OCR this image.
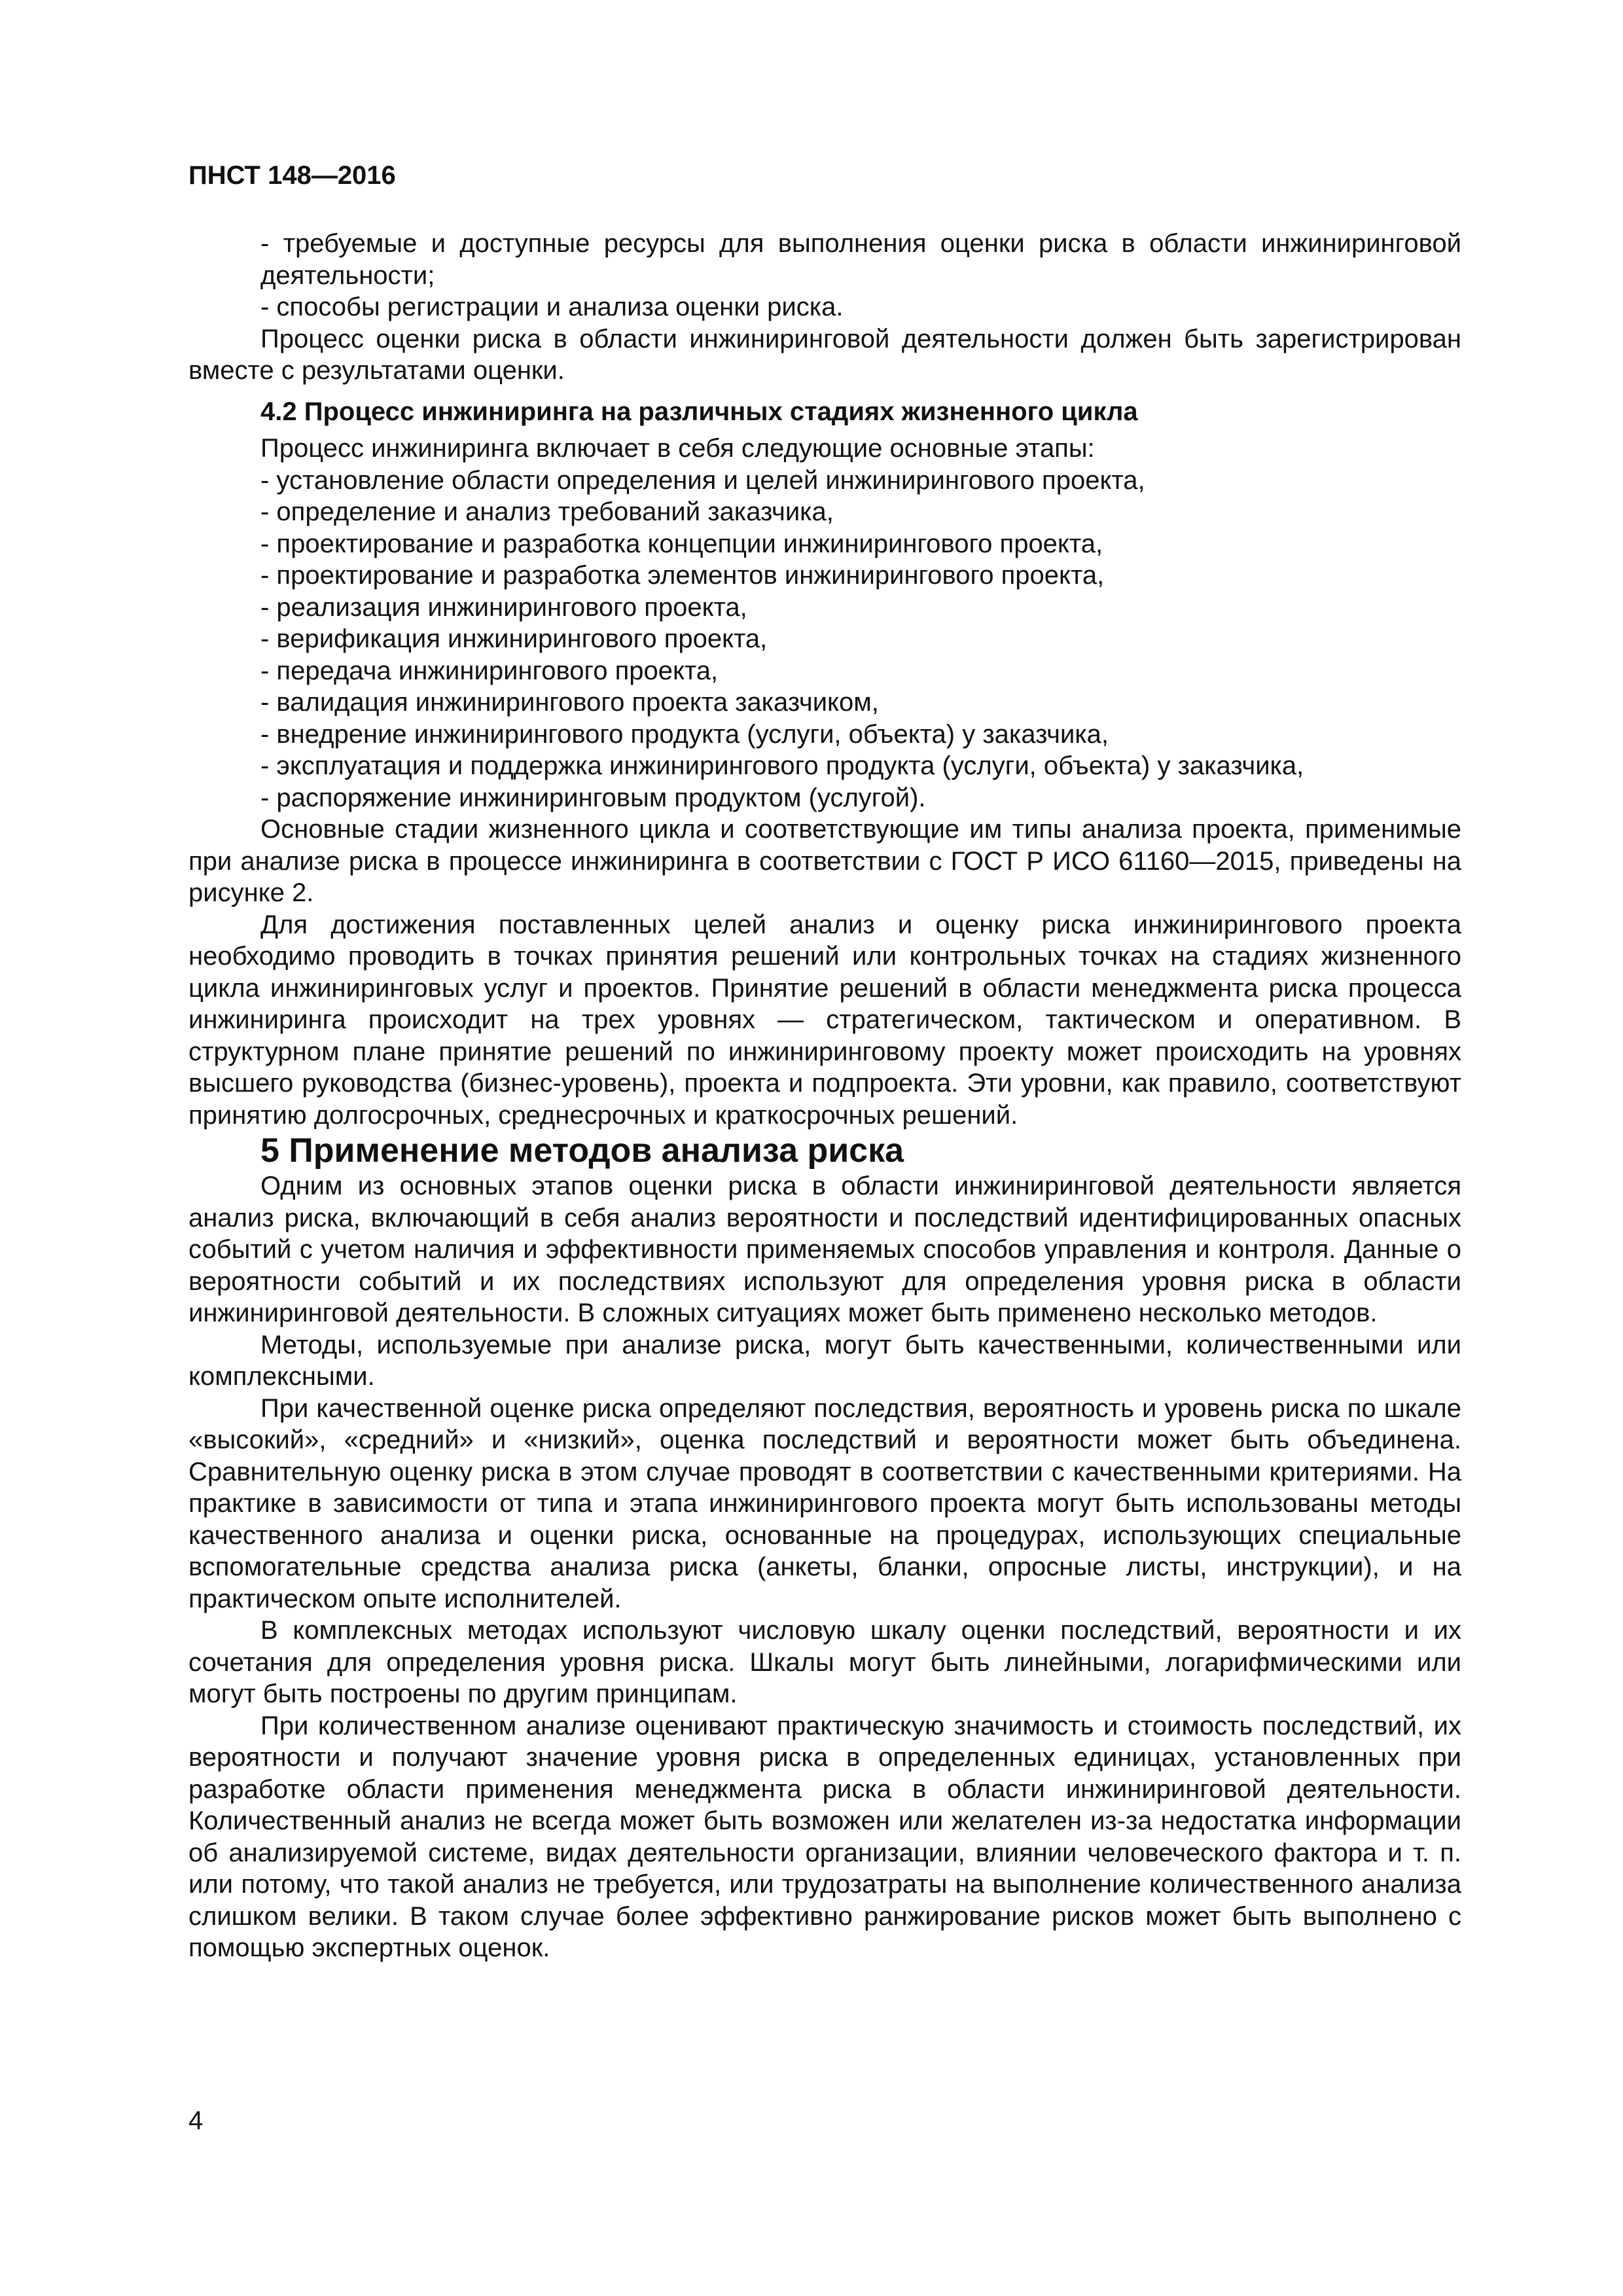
ПНСТ 148—2016
- требуемые и доступные ресурсы для выполнения оценки риска в области инжиниринговой деятельности;
- способы регистрации и анализа оценки риска.

Процесс оценки риска в области инжиниринговой деятельности должен быть зарегистрирован вместе с результатами оценки.

4.2 Процесс инжиниринга на различных стадиях жизненного цикла

Процесс инжиниринга включает в себя следующие основные этапы:

- установление области определения и целей инжинирингового проекта,
- определение и анализ требований заказчика,
- проектирование и разработка концепции инжинирингового проекта,
- проектирование и разработка элементов инжинирингового проекта,
- реализация инжинирингового проекта,
- верификация инжинирингового проекта,
- передача инжинирингового проекта,
- валидация инжинирингового проекта заказчиком,
- внедрение инжинирингового продукта (услуги, объекта) у заказчика,
- эксплуатация и поддержка инжинирингового продукта (услуги, объекта) у заказчика,
- распоряжение инжиниринговым продуктом (услугой).

Основные стадии жизненного цикла и соответствующие им типы анализа проекта, применимые при анализе риска в процессе инжиниринга в соответствии с ГОСТ Р ИСО 61160—2015, приведены на рисунке 2.

Для достижения поставленных целей анализ и оценку риска инжинирингового проекта необходимо проводить в точках принятия решений или контрольных точках на стадиях жизненного цикла инжиниринговых услуг и проектов. Принятие решений в области менеджмента риска процесса инжиниринга происходит на трех уровнях — стратегическом, тактическом и оперативном. В структурном плане принятие решений по инжиниринговому проекту может происходить на уровнях высшего руководства (бизнес-уровень), проекта и подпроекта. Эти уровни, как правило, соответствуют принятию долгосрочных, среднесрочных и краткосрочных решений.

5 Применение методов анализа риска

Одним из основных этапов оценки риска в области инжиниринговой деятельности является анализ риска, включающий в себя анализ вероятности и последствий идентифицированных опасных событий с учетом наличия и эффективности применяемых способов управления и контроля. Данные о вероятности событий и их последствиях используют для определения уровня риска в области инжиниринговой деятельности. В сложных ситуациях может быть применено несколько методов.

Методы, используемые при анализе риска, могут быть качественными, количественными или комплексными.

При качественной оценке риска определяют последствия, вероятность и уровень риска по шкале «высокий», «средний» и «низкий», оценка последствий и вероятности может быть объединена. Сравнительную оценку риска в этом случае проводят в соответствии с качественными критериями. На практике в зависимости от типа и этапа инжинирингового проекта могут быть использованы методы качественного анализа и оценки риска, основанные на процедурах, использующих специальные вспомогательные средства анализа риска (анкеты, бланки, опросные листы, инструкции), и на практическом опыте исполнителей.

В комплексных методах используют числовую шкалу оценки последствий, вероятности и их сочетания для определения уровня риска. Шкалы могут быть линейными, логарифмическими или могут быть построены по другим принципам.

При количественном анализе оценивают практическую значимость и стоимость последствий, их вероятности и получают значение уровня риска в определенных единицах, установленных при разработке области применения менеджмента риска в области инжиниринговой деятельности. Количественный анализ не всегда может быть возможен или желателен из-за недостатка информации об анализируемой системе, видах деятельности организации, влиянии человеческого фактора и т. п. или потому, что такой анализ не требуется, или трудозатраты на выполнение количественного анализа слишком велики. В таком случае более эффективно ранжирование рисков может быть выполнено с помощью экспертных оценок.

4
